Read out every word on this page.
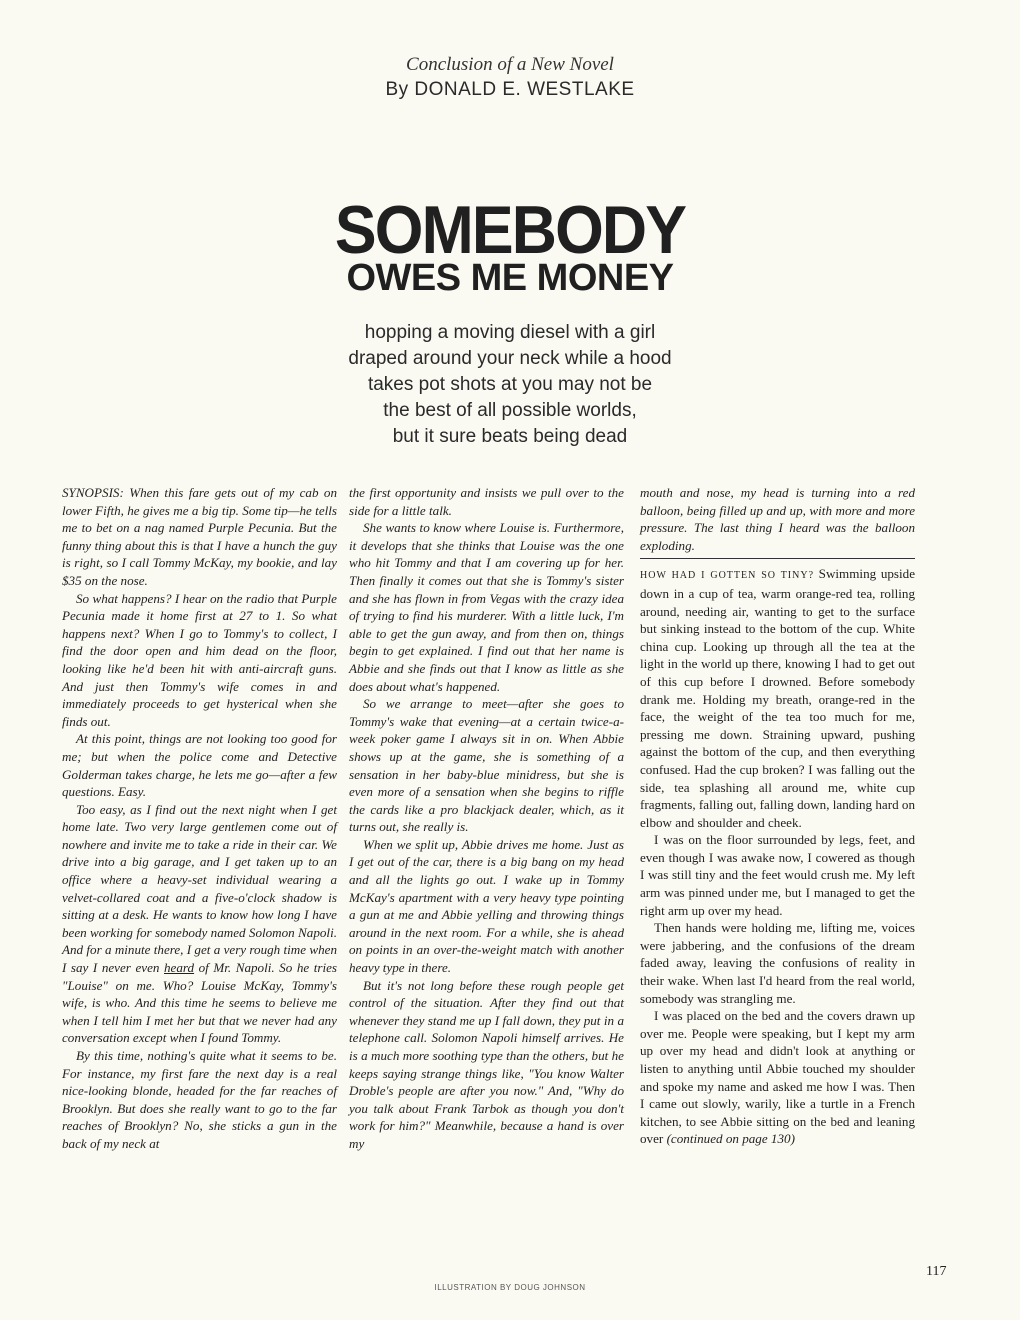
Conclusion of a New Novel
By DONALD E. WESTLAKE
SOMEBODY
OWES ME MONEY
hopping a moving diesel with a girl
draped around your neck while a hood
takes pot shots at you may not be
the best of all possible worlds,
but it sure beats being dead

SYNOPSIS: When this fare gets out of my cab on lower Fifth, he gives me a big tip. Some tip—he tells me to bet on a nag named Purple Pecunia. But the funny thing about this is that I have a hunch the guy is right, so I call Tommy McKay, my bookie, and lay $35 on the nose.

So what happens? I hear on the radio that Purple Pecunia made it home first at 27 to 1. So what happens next? When I go to Tommy's to collect, I find the door open and him dead on the floor, looking like he'd been hit with anti-aircraft guns. And just then Tommy's wife comes in and immediately proceeds to get hysterical when she finds out.

At this point, things are not looking too good for me; but when the police come and Detective Golderman takes charge, he lets me go—after a few questions. Easy.

Too easy, as I find out the next night when I get home late. Two very large gentlemen come out of nowhere and invite me to take a ride in their car. We drive into a big garage, and I get taken up to an office where a heavy-set individual wearing a velvet-collared coat and a five-o'clock shadow is sitting at a desk. He wants to know how long I have been working for somebody named Solomon Napoli. And for a minute there, I get a very rough time when I say I never even heard of Mr. Napoli. So he tries "Louise" on me. Who? Louise McKay, Tommy's wife, is who. And this time he seems to believe me when I tell him I met her but that we never had any conversation except when I found Tommy.

By this time, nothing's quite what it seems to be. For instance, my first fare the next day is a real nice-looking blonde, headed for the far reaches of Brooklyn. But does she really want to go to the far reaches of Brooklyn? No, she sticks a gun in the back of my neck at

the first opportunity and insists we pull over to the side for a little talk.

She wants to know where Louise is. Furthermore, it develops that she thinks that Louise was the one who hit Tommy and that I am covering up for her. Then finally it comes out that she is Tommy's sister and she has flown in from Vegas with the crazy idea of trying to find his murderer. With a little luck, I'm able to get the gun away, and from then on, things begin to get explained. I find out that her name is Abbie and she finds out that I know as little as she does about what's happened.

So we arrange to meet—after she goes to Tommy's wake that evening—at a certain twice-a-week poker game I always sit in on. When Abbie shows up at the game, she is something of a sensation in her baby-blue minidress, but she is even more of a sensation when she begins to riffle the cards like a pro blackjack dealer, which, as it turns out, she really is.

When we split up, Abbie drives me home. Just as I get out of the car, there is a big bang on my head and all the lights go out. I wake up in Tommy McKay's apartment with a very heavy type pointing a gun at me and Abbie yelling and throwing things around in the next room. For a while, she is ahead on points in an over-the-weight match with another heavy type in there.

But it's not long before these rough people get control of the situation. After they find out that whenever they stand me up I fall down, they put in a telephone call. Solomon Napoli himself arrives. He is a much more soothing type than the others, but he keeps saying strange things like, "You know Walter Droble's people are after you now." And, "Why do you talk about Frank Tarbok as though you don't work for him?" Meanwhile, because a hand is over my

mouth and nose, my head is turning into a red balloon, being filled up and up, with more and more pressure. The last thing I heard was the balloon exploding.

HOW HAD I GOTTEN SO TINY? Swimming upside down in a cup of tea, warm orange-red tea, rolling around, needing air, wanting to get to the surface but sinking instead to the bottom of the cup. White china cup. Looking up through all the tea at the light in the world up there, knowing I had to get out of this cup before I drowned. Before somebody drank me. Holding my breath, orange-red in the face, the weight of the tea too much for me, pressing me down. Straining upward, pushing against the bottom of the cup, and then everything confused. Had the cup broken? I was falling out the side, tea splashing all around me, white cup fragments, falling out, falling down, landing hard on elbow and shoulder and cheek.

I was on the floor surrounded by legs, feet, and even though I was awake now, I cowered as though I was still tiny and the feet would crush me. My left arm was pinned under me, but I managed to get the right arm up over my head.

Then hands were holding me, lifting me, voices were jabbering, and the confusions of the dream faded away, leaving the confusions of reality in their wake. When last I'd heard from the real world, somebody was strangling me.

I was placed on the bed and the covers drawn up over me. People were speaking, but I kept my arm up over my head and didn't look at anything or listen to anything until Abbie touched my shoulder and spoke my name and asked me how I was. Then I came out slowly, warily, like a turtle in a French kitchen, to see Abbie sitting on the bed and leaning over (continued on page 130)

117
ILLUSTRATION BY DOUG JOHNSON
